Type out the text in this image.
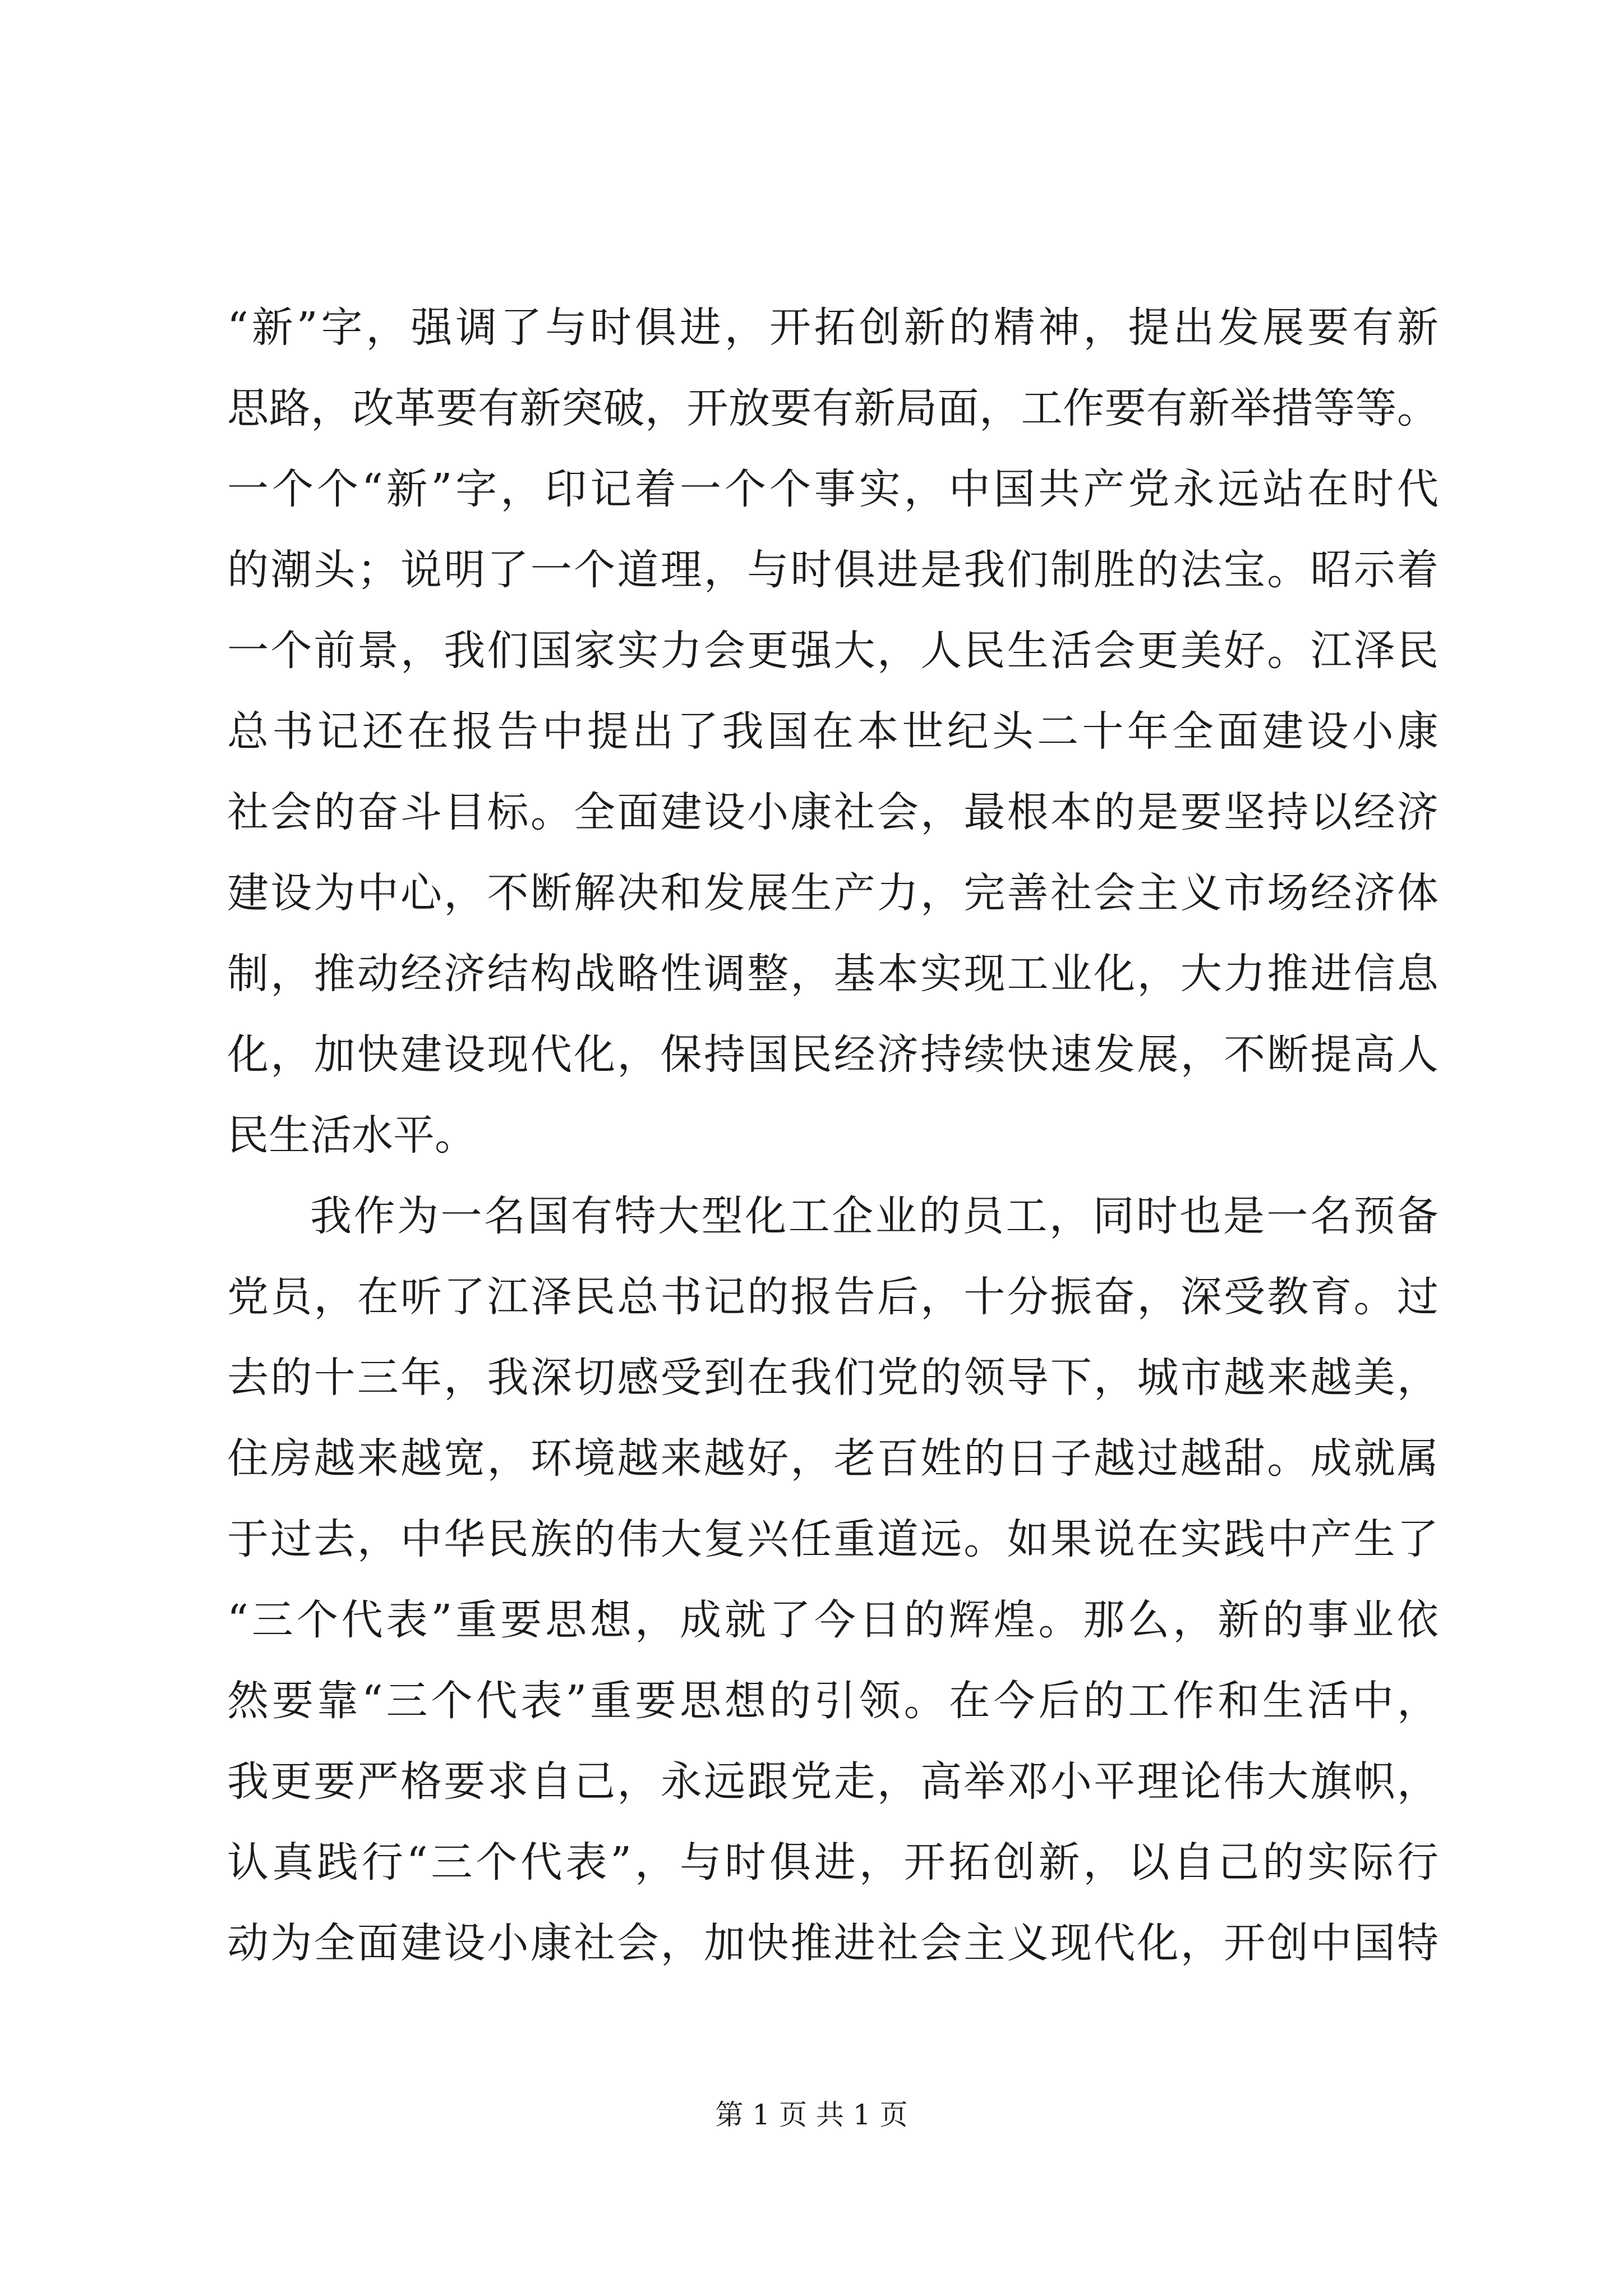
“新”字，强调了与时俱进，开拓创新的精神，提出发展要有新
思路，改革要有新突破，开放要有新局面，工作要有新举措等等。
一个个“新”字，印记着一个个事实，中国共产党永远站在时代
的潮头；说明了一个道理，与时俱进是我们制胜的法宝。昭示着
一个前景，我们国家实力会更强大，人民生活会更美好。江泽民
总书记还在报告中提出了我国在本世纪头二十年全面建设小康
社会的奋斗目标。全面建设小康社会，最根本的是要坚持以经济
建设为中心，不断解决和发展生产力，完善社会主义市场经济体
制，推动经济结构战略性调整，基本实现工业化，大力推进信息
化，加快建设现代化，保持国民经济持续快速发展，不断提高人
民生活水平。
我作为一名国有特大型化工企业的员工，同时也是一名预备
党员，在听了江泽民总书记的报告后，十分振奋，深受教育。过
去的十三年，我深切感受到在我们党的领导下，城市越来越美，
住房越来越宽，环境越来越好，老百姓的日子越过越甜。成就属
于过去，中华民族的伟大复兴任重道远。如果说在实践中产生了
“三个代表”重要思想，成就了今日的辉煌。那么，新的事业依
然要靠“三个代表”重要思想的引领。在今后的工作和生活中，
我更要严格要求自己，永远跟党走，高举邓小平理论伟大旗帜，
认真践行“三个代表”，与时俱进，开拓创新，以自己的实际行
动为全面建设小康社会，加快推进社会主义现代化，开创中国特
第 1 页 共 1 页
